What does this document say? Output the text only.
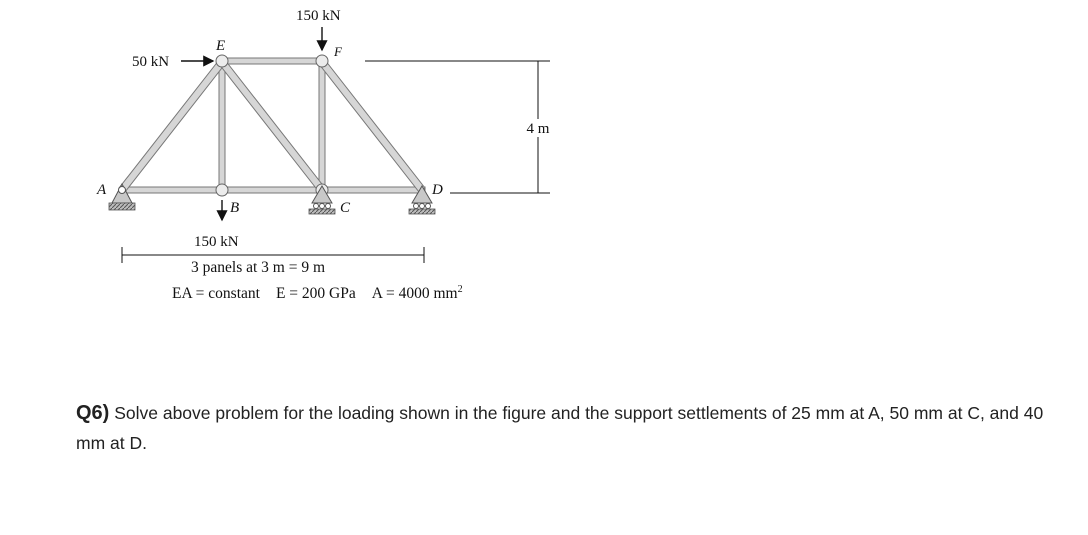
4 m
A
B	C
D
E	F
150 kN
50 kN
150 kN
3 panels at 3 m = 9 m
EA = constant E = 200 GPa A = 4000 $mm^2$
Q6) Solve above problem for the loading shown in the figure and the support settlements of 25 mm at A, 50 mm at C, and 40 mm at D.
